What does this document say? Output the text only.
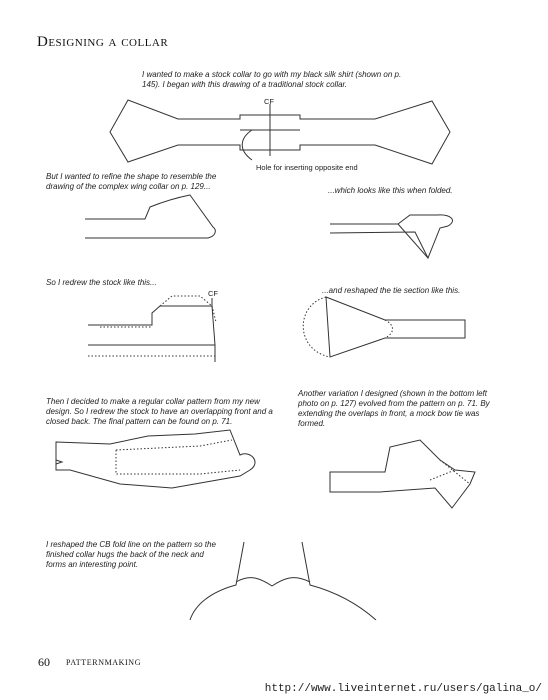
Designing a collar
I wanted to make a stock collar to go with my black silk shirt (shown on p. 145). I began with this drawing of a traditional stock collar.
CF
Hole for inserting opposite end
But I wanted to refine the shape to resemble the drawing of the complex wing collar on p. 129...	...which looks like this when folded.
So I redrew the stock like this...
CF	...and reshaped the tie section like this.
Then I decided to make a regular collar pattern from my new design. So I redrew the stock to have an overlapping front and a closed back. The final pattern can be found on p. 71.
Another variation I designed (shown in the bottom left photo on p. 127) evolved from the pattern on p. 71. By extending the overlaps in front, a mock bow tie was formed.
I reshaped the CB fold line on the pattern so the finished collar hugs the back of the neck and forms an interesting point.
60 PATTERNMAKING
http://www.liveinternet.ru/users/galina_o/
